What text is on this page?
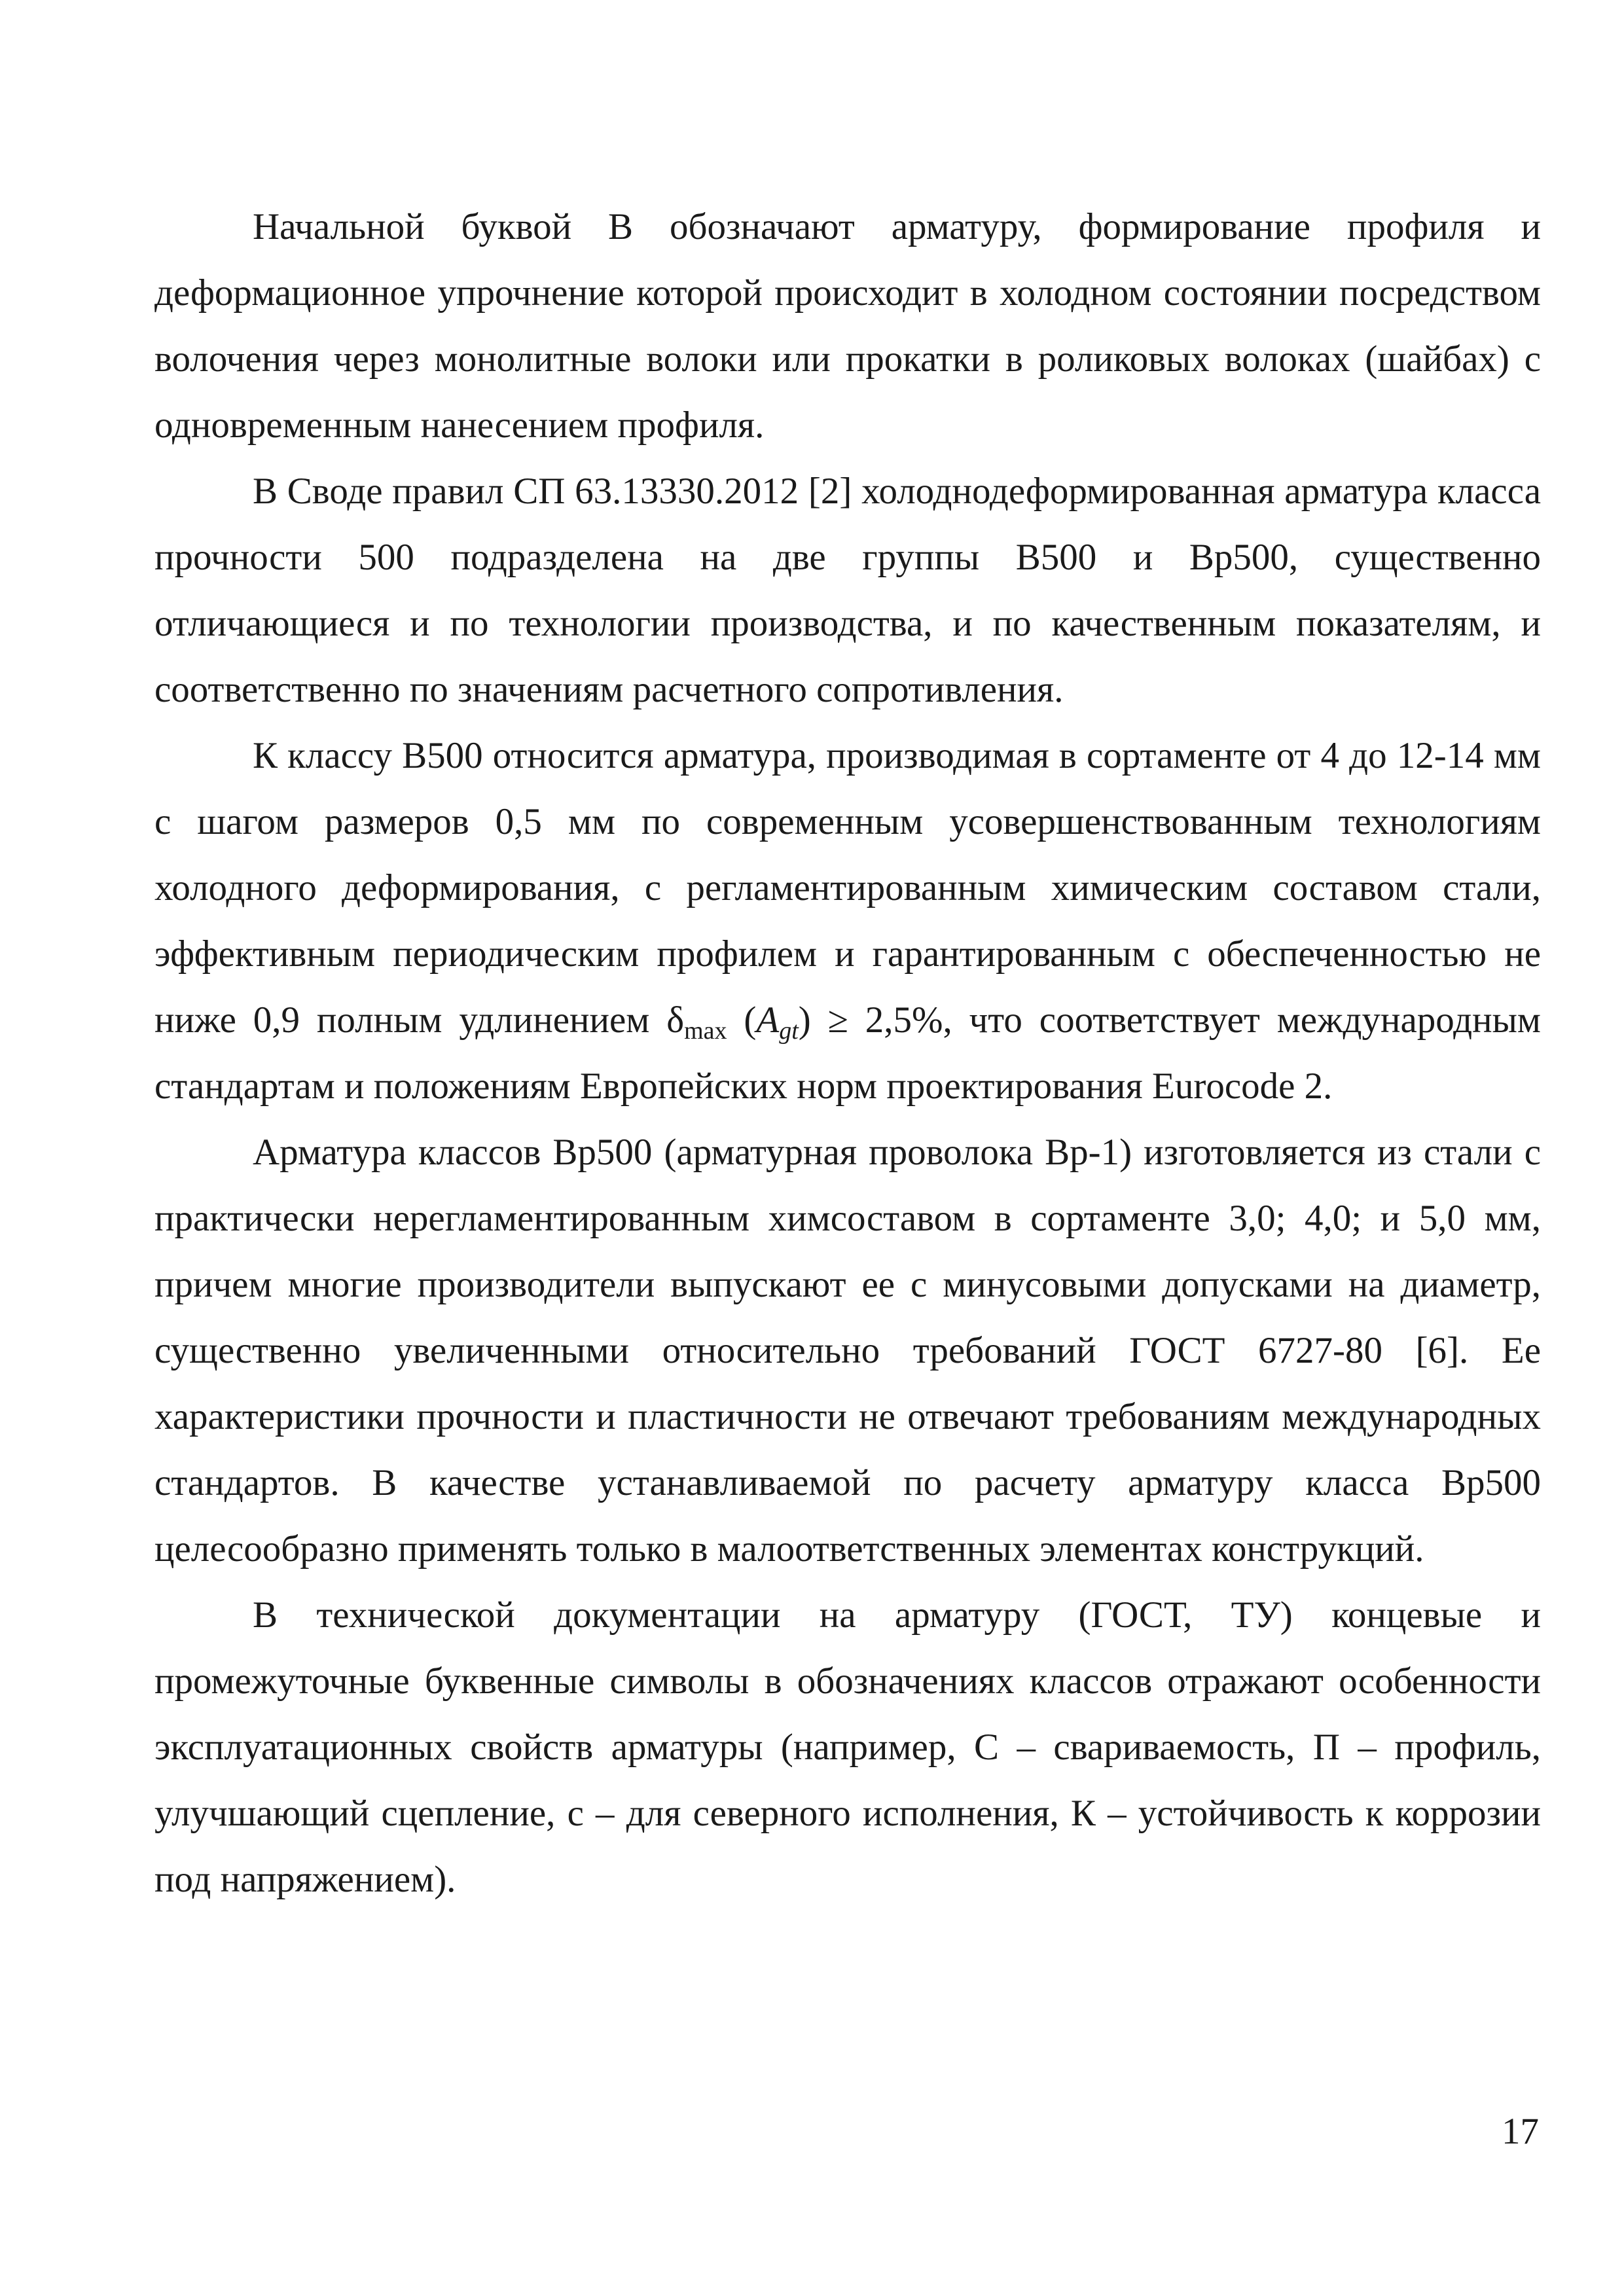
Начальной буквой В обозначают арматуру, формирование профиля и деформационное упрочнение которой происходит в холодном состоянии посредством волочения через монолитные волоки или прокатки в роликовых волоках (шайбах) с одновременным нанесением профиля.

В Своде правил СП 63.13330.2012 [2] холоднодеформированная арматура класса прочности 500 подразделена на две группы В500 и Вр500, существенно отличающиеся и по технологии производства, и по качественным показателям, и соответственно по значениям расчетного сопротивления.

К классу В500 относится арматура, производимая в сортаменте от 4 до 12-14 мм с шагом размеров 0,5 мм по современным усовершенствованным технологиям холодного деформирования, с регламентированным химическим составом стали, эффективным периодическим профилем и гарантированным с обеспеченностью не ниже 0,9 полным удлинением $\delta_{max}$ $(A_{gt}) \ge 2,5\%$, что соответствует международным стандартам и положениям Европейских норм проектирования Eurocode 2.

Арматура классов Вр500 (арматурная проволока Вр-1) изготовляется из стали с практически нерегламентированным химсоставом в сортаменте 3,0; 4,0; и 5,0 мм, причем многие производители выпускают ее с минусовыми допусками на диаметр, существенно увеличенными относительно требований ГОСТ 6727-80 [6]. Ее характеристики прочности и пластичности не отвечают требованиям международных стандартов. В качестве устанавливаемой по расчету арматуру класса Вр500 целесообразно применять только в малоответственных элементах конструкций.

В технической документации на арматуру (ГОСТ, ТУ) концевые и промежуточные буквенные символы в обозначениях классов отражают особенности эксплуатационных свойств арматуры (например, С – свариваемость, П – профиль, улучшающий сцепление, с – для северного исполнения, К – устойчивость к коррозии под напряжением).

17
